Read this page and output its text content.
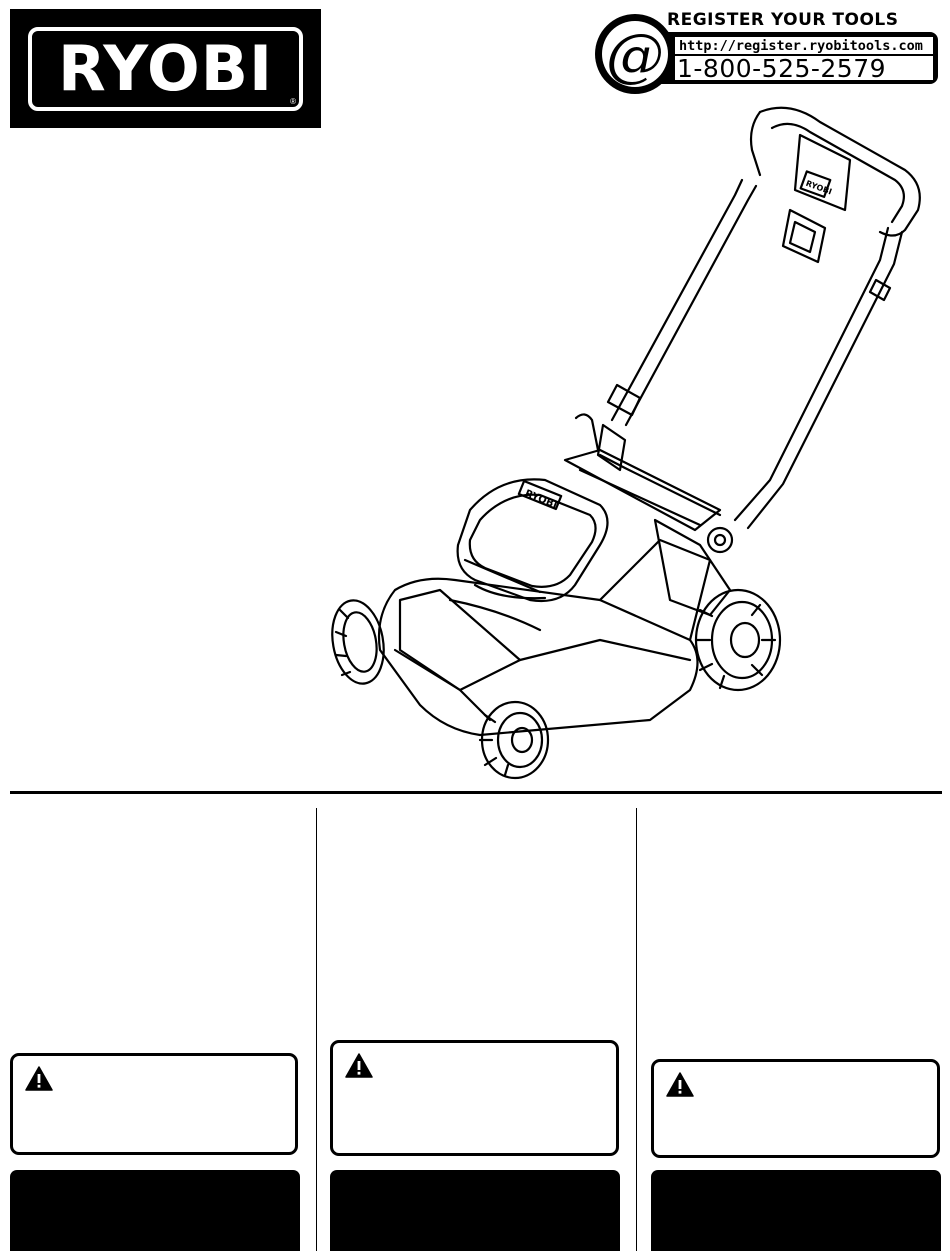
RYOBI ®
@
REGISTER YOUR TOOLS
http://register.ryobitools.com
1-800-525-2579
RYOBI
RYOBI
